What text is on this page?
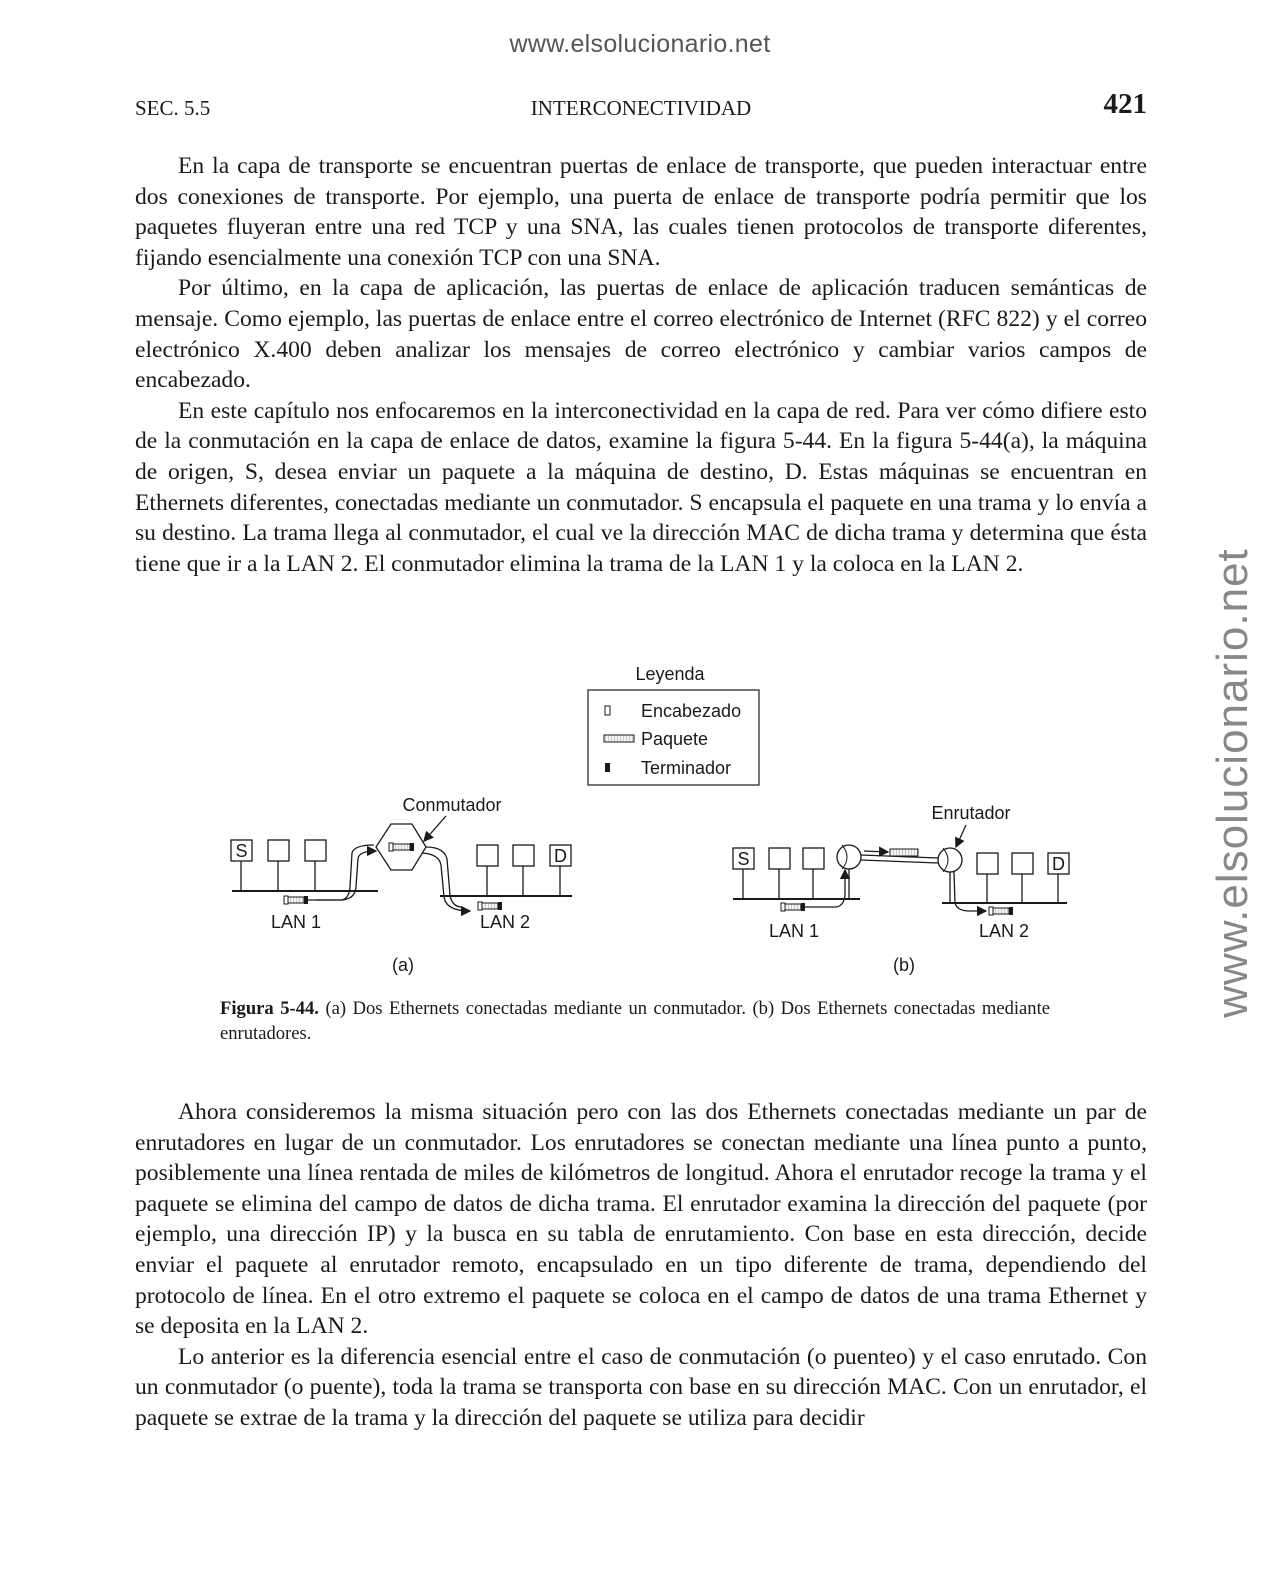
www.elsolucionario.net
www.elsolucionario.net
SEC. 5.5	INTERCONECTIVIDAD	421

En la capa de transporte se encuentran puertas de enlace de transporte, que pueden interactuar entre dos conexiones de transporte. Por ejemplo, una puerta de enlace de transporte podría permitir que los paquetes fluyeran entre una red TCP y una SNA, las cuales tienen protocolos de transporte diferentes, fijando esencialmente una conexión TCP con una SNA.

Por último, en la capa de aplicación, las puertas de enlace de aplicación traducen semánticas de mensaje. Como ejemplo, las puertas de enlace entre el correo electrónico de Internet (RFC 822) y el correo electrónico X.400 deben analizar los mensajes de correo electrónico y cambiar varios campos de encabezado.

En este capítulo nos enfocaremos en la interconectividad en la capa de red. Para ver cómo difiere esto de la conmutación en la capa de enlace de datos, examine la figura 5-44. En la figura 5-44(a), la máquina de origen, S, desea enviar un paquete a la máquina de destino, D. Estas máquinas se encuentran en Ethernets diferentes, conectadas mediante un conmutador. S encapsula el paquete en una trama y lo envía a su destino. La trama llega al conmutador, el cual ve la dirección MAC de dicha trama y determina que ésta tiene que ir a la LAN 2. El conmutador elimina la trama de la LAN 1 y la coloca en la LAN 2.

Leyenda
Encabezado
Paquete
Terminador
S	D
Conmutador
LAN 1	LAN 2
(a)
S	D
Enrutador
LAN 1	LAN 2
(b)
Figura 5-44. (a) Dos Ethernets conectadas mediante un conmutador. (b) Dos Ethernets conectadas mediante enrutadores.

Ahora consideremos la misma situación pero con las dos Ethernets conectadas mediante un par de enrutadores en lugar de un conmutador. Los enrutadores se conectan mediante una línea punto a punto, posiblemente una línea rentada de miles de kilómetros de longitud. Ahora el enrutador recoge la trama y el paquete se elimina del campo de datos de dicha trama. El enrutador examina la dirección del paquete (por ejemplo, una dirección IP) y la busca en su tabla de enrutamiento. Con base en esta dirección, decide enviar el paquete al enrutador remoto, encapsulado en un tipo diferente de trama, dependiendo del protocolo de línea. En el otro extremo el paquete se coloca en el campo de datos de una trama Ethernet y se deposita en la LAN 2.

Lo anterior es la diferencia esencial entre el caso de conmutación (o puenteo) y el caso enrutado. Con un conmutador (o puente), toda la trama se transporta con base en su dirección MAC. Con un enrutador, el paquete se extrae de la trama y la dirección del paquete se utiliza para decidir
